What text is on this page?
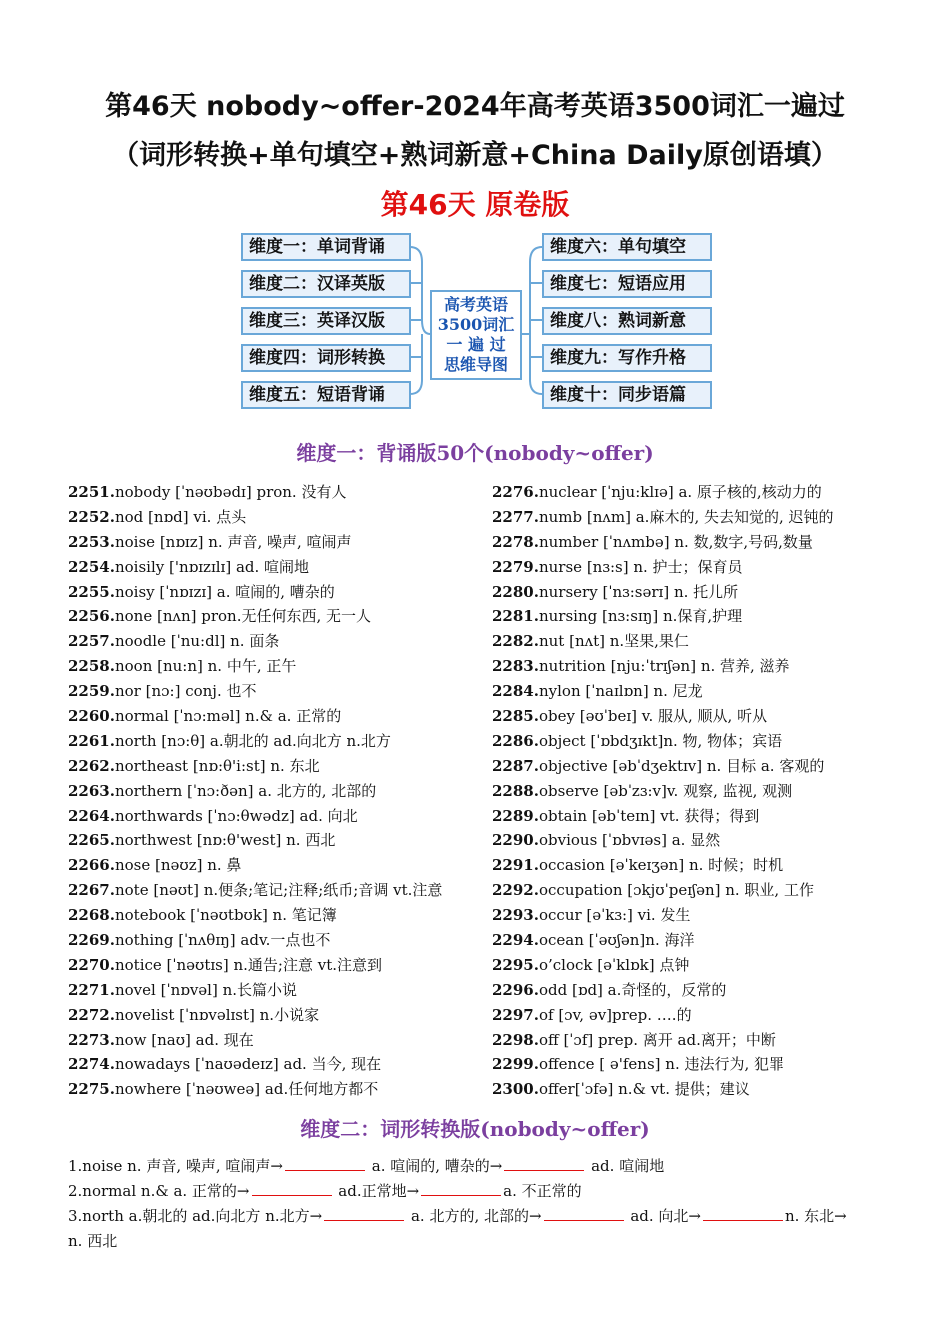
第46天 nobody~offer-2024年高考英语3500词汇一遍过
（词形转换+单句填空+熟词新意+China Daily原创语填）
第46天 原卷版
维度一：单词背诵
维度二：汉译英版
维度三：英译汉版
维度四：词形转换
维度五：短语背诵
高考英语
3500词汇
一 遍 过
思维导图
维度六：单句填空
维度七：短语应用
维度八：熟词新意
维度九：写作升格
维度十：同步语篇
维度一：背诵版50个(nobody~offer)
2251.nobody [ˈnəʊbədɪ] pron. 没有人
2252.nod [nɒd] vi. 点头
2253.noise [nɒɪz] n. 声音, 噪声, 喧闹声
2254.noisily ['nɒɪzɪlɪ] ad. 喧闹地
2255.noisy [ˈnɒɪzɪ] a. 喧闹的, 嘈杂的
2256.none [nʌn] pron.无任何东西, 无一人
2257.noodle [ˈnu:dl] n. 面条
2258.noon [nu:n] n. 中午, 正午
2259.nor [nɔ:] conj. 也不
2260.normal [ˈnɔ:məl] n.& a. 正常的
2261.north [nɔ:θ] a.朝北的 ad.向北方 n.北方
2262.northeast [nɒ:θ'i:st] n. 东北
2263.northern [ˈnɔ:ðən] a. 北方的, 北部的
2264.northwards [ˈnɔ:θwədz] ad. 向北
2265.northwest [nɒ:θ'west] n. 西北
2266.nose [nəʊz] n. 鼻
2267.note [nəʊt] n.便条;笔记;注释;纸币;音调 vt.注意
2268.notebook [ˈnəʊtbʊk] n. 笔记簿
2269.nothing [ˈnʌθɪŋ] adv.一点也不
2270.notice [ˈnəʊtɪs] n.通告;注意 vt.注意到
2271.novel [ˈnɒvəl] n.长篇小说
2272.novelist [ˈnɒvəlɪst] n.小说家
2273.now [naʊ] ad. 现在
2274.nowadays [ˈnaʊədeɪz] ad. 当今, 现在
2275.nowhere [ˈnəʊweə] ad.任何地方都不
2276.nuclear [ˈnju:klɪə] a. 原子核的,核动力的
2277.numb [nʌm] a.麻木的, 失去知觉的, 迟钝的
2278.number [ˈnʌmbə] n. 数,数字,号码,数量
2279.nurse [nɜ:s] n. 护士；保育员
2280.nursery [ˈnɜ:sərɪ] n. 托儿所
2281.nursing [nɜ:sɪŋ] n.保育,护理
2282.nut [nʌt] n.坚果,果仁
2283.nutrition [nju:ˈtrɪʃən] n. 营养, 滋养
2284.nylon [ˈnaɪlɒn] n. 尼龙
2285.obey [əʊˈbeɪ] v. 服从, 顺从, 听从
2286.object [ˈɒbdʒɪkt]n. 物, 物体；宾语
2287.objective [əbˈdʒektɪv] n. 目标 a. 客观的
2288.observe [əbˈzɜ:v]v. 观察, 监视, 观测
2289.obtain [əbˈteɪn] vt. 获得；得到
2290.obvious [ˈɒbvɪəs] a. 显然
2291.occasion [əˈkeɪʒən] n. 时候；时机
2292.occupation [ɔkjʊˈpeɪʃən] n. 职业, 工作
2293.occur [əˈkɜ:] vi. 发生
2294.ocean [ˈəʊʃən]n. 海洋
2295.o’clock [əˈklɒk] 点钟
2296.odd [ɒd] a.奇怪的，反常的
2297.of [ɔv, əv]prep. ….的
2298.off [ˈɔf] prep. 离开 ad.离开；中断
2299.offence [ ə'fens] n. 违法行为, 犯罪
2300.offer[ˈɔfə] n.& vt. 提供；建议
维度二：词形转换版(nobody~offer)
1.noise n. 声音, 噪声, 喧闹声→	a. 喧闹的, 嘈杂的→	ad. 喧闹地
2.normal n.& a. 正常的→	ad.正常地→	a. 不正常的
3.north a.朝北的 ad.向北方 n.北方→	a. 北方的, 北部的→	ad. 向北→	n. 东北→
n. 西北
